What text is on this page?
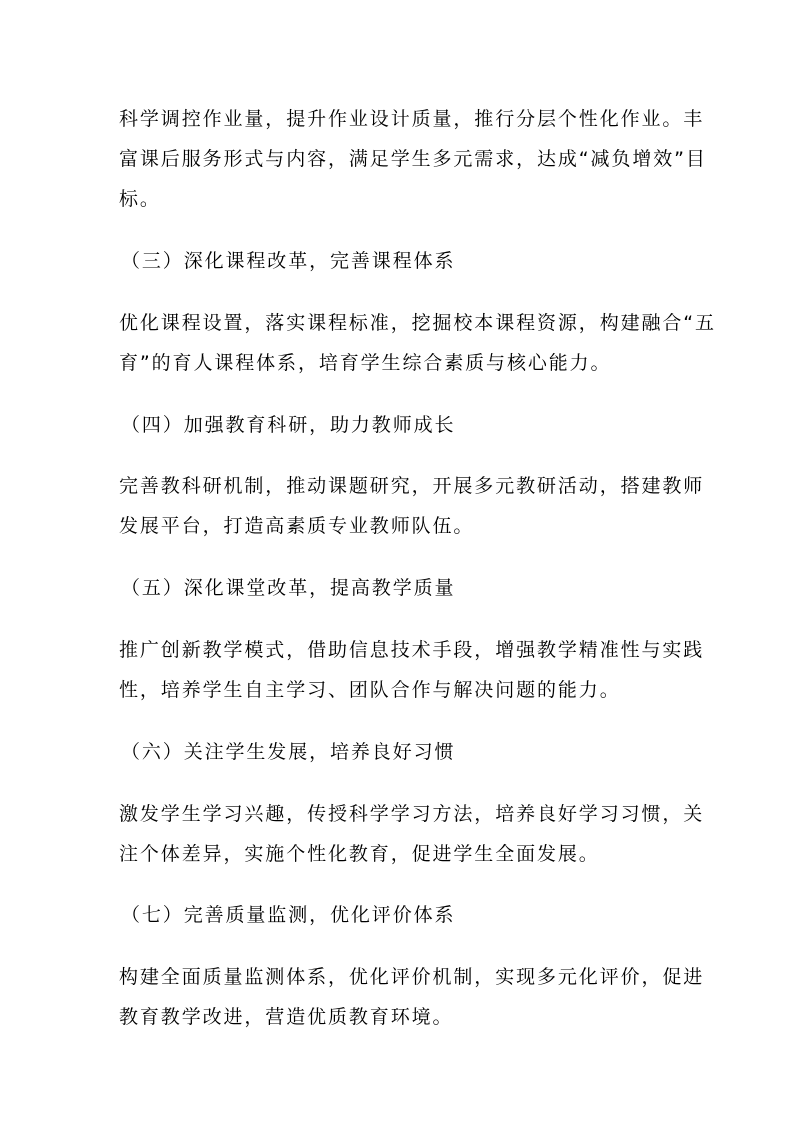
科学调控作业量，提升作业设计质量，推行分层个性化作业。丰
富课后服务形式与内容，满足学生多元需求，达成“减负增效”目
标。
（三）深化课程改革，完善课程体系
优化课程设置，落实课程标准，挖掘校本课程资源，构建融合“五
育”的育人课程体系，培育学生综合素质与核心能力。
（四）加强教育科研，助力教师成长
完善教科研机制，推动课题研究，开展多元教研活动，搭建教师
发展平台，打造高素质专业教师队伍。
（五）深化课堂改革，提高教学质量
推广创新教学模式，借助信息技术手段，增强教学精准性与实践
性，培养学生自主学习、团队合作与解决问题的能力。
（六）关注学生发展，培养良好习惯
激发学生学习兴趣，传授科学学习方法，培养良好学习习惯，关
注个体差异，实施个性化教育，促进学生全面发展。
（七）完善质量监测，优化评价体系
构建全面质量监测体系，优化评价机制，实现多元化评价，促进
教育教学改进，营造优质教育环境。
